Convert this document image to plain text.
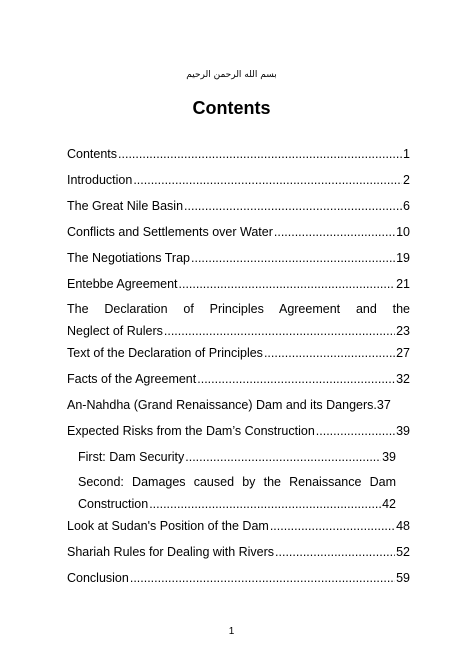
بسم الله الرحمن الرحيم
Contents
Contents .....	1
Introduction .....	2
The Great Nile Basin .....	6
Conflicts and Settlements over Water .....	10
The Negotiations Trap .....	19
Entebbe Agreement .....	21
The Declaration of Principles Agreement and the
Neglect of Rulers .....	23
Text of the Declaration of Principles .....	27
Facts of the Agreement .....	32
An-Nahdha (Grand Renaissance) Dam and its Dangers. 37
Expected Risks from the Dam’s Construction .....	39
First: Dam Security .....	39
Second: Damages caused by the Renaissance Dam
Construction .....	42
Look at Sudan's Position of the Dam .....	48
Shariah Rules for Dealing with Rivers .....	52
Conclusion .....	59
1
